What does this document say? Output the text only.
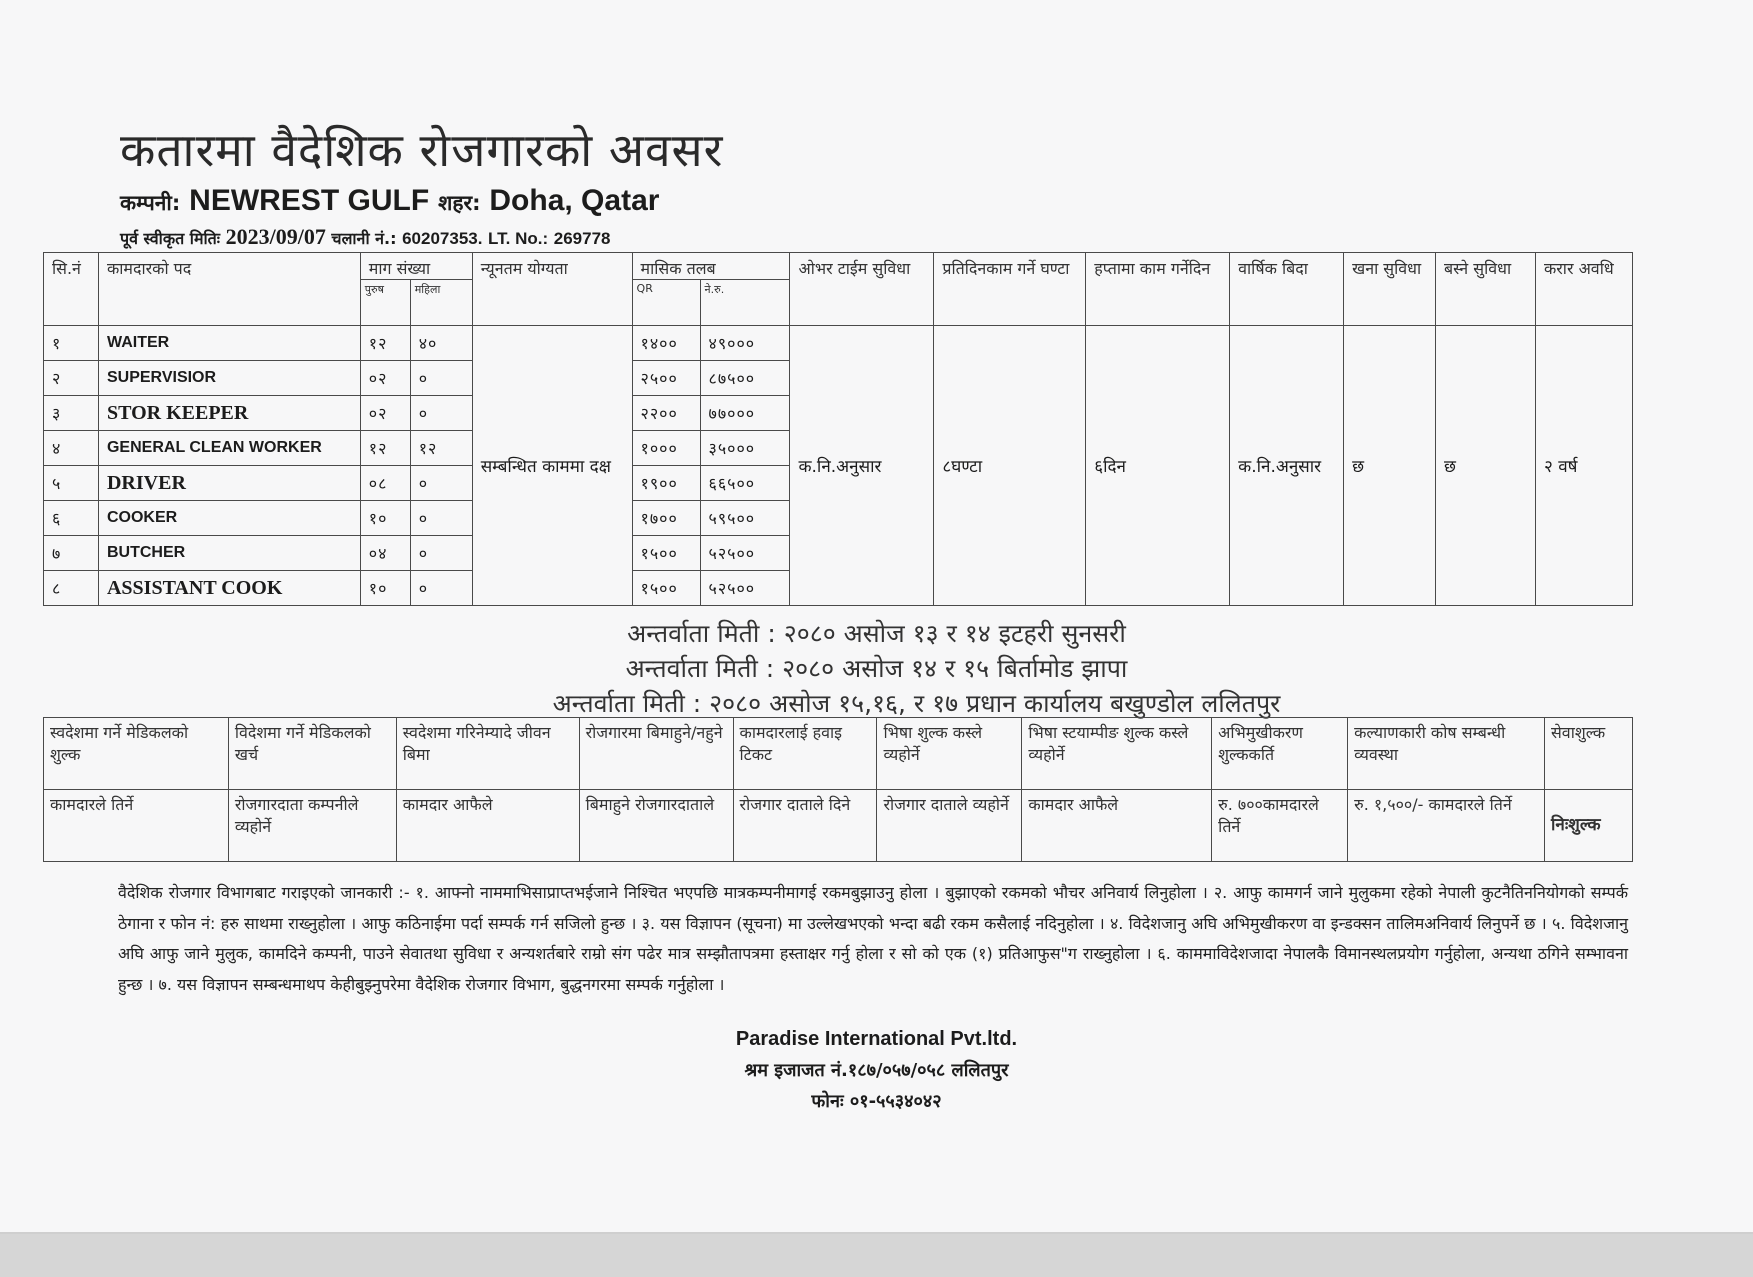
कतारमा वैदेशिक रोजगारको अवसर
कम्पनी: NEWREST GULF शहर: Doha, Qatar
पूर्व स्वीकृत मितिः 2023/09/07 चलानी नं.: 60207353. LT. No.: 269778
सि.नं	कामदारको पद	माग संख्या		न्यूनतम योग्यता	मासिक तलब		ओभर टाईम सुविधा	प्रतिदिनकाम गर्ने घण्टा	हप्तामा काम गर्नेदिन	वार्षिक बिदा	खना सुविधा	बस्ने सुविधा	करार अवधि
		पुरुष	महिला		QR	ने.रु.							
१	WAITER	१२	४०	सम्बन्धित काममा दक्ष	१४००	४९०००	क.नि.अनुसार	८घण्टा	६दिन	क.नि.अनुसार	छ	छ	२ वर्ष
२	SUPERVISIOR	०२	०		२५००	८७५००							
३	STOR KEEPER	०२	०		२२००	७७०००							
४	GENERAL CLEAN WORKER	१२	१२		१०००	३५०००							
५	DRIVER	०८	०		१९००	६६५००							
६	COOKER	१०	०		१७००	५९५००							
७	BUTCHER	०४	०		१५००	५२५००							
८	ASSISTANT COOK	१०	०		१५००	५२५००							
अन्तर्वाता मिती : २०८० असोज १३ र १४ इटहरी सुनसरी
अन्तर्वाता मिती : २०८० असोज १४ र १५ बिर्तामोड झापा
अन्तर्वाता मिती : २०८० असोज १५,१६, र १७ प्रधान कार्यालय बखुण्डोल ललितपुर
स्वदेशमा गर्ने मेडिकलको शुल्क	विदेशमा गर्ने मेडिकलको खर्च	स्वदेशमा गरिनेम्यादे जीवन बिमा	रोजगारमा बिमाहुने/नहुने	कामदारलाई हवाइ टिकट	भिषा शुल्क कस्ले व्यहोर्ने	भिषा स्टयाम्पीङ शुल्क कस्ले व्यहोर्ने	अभिमुखीकरण शुल्ककर्ति	कल्याणकारी कोष सम्बन्धी व्यवस्था	सेवाशुल्क
कामदारले तिर्ने	रोजगारदाता कम्पनीले व्यहोर्ने	कामदार आफैले	बिमाहुने रोजगारदाताले	रोजगार दाताले दिने	रोजगार दाताले व्यहोर्ने	कामदार आफैले	रु. ७००कामदारले तिर्ने	रु. १,५००/- कामदारले तिर्ने	निःशुल्क

वैदेशिक रोजगार विभागबाट गराइएको जानकारी :- १. आफ्नो नाममाभिसाप्राप्तभईजाने निश्चित भएपछि मात्रकम्पनीमागई रकमबुझाउनु होला । बुझाएको रकमको भौचर अनिवार्य लिनुहोला । २. आफु कामगर्न जाने मुलुकमा रहेको नेपाली कुटनैतिननियोगको सम्पर्क ठेगाना र फोन नं: हरु साथमा राख्नुहोला । आफु कठिनाईमा पर्दा सम्पर्क गर्न सजिलो हुन्छ । ३. यस विज्ञापन (सूचना) मा उल्लेखभएको भन्दा बढी रकम कसैलाई नदिनुहोला । ४. विदेशजानु अघि अभिमुखीकरण वा इन्डक्सन तालिमअनिवार्य लिनुपर्ने छ । ५. विदेशजानु अघि आफु जाने मुलुक, कामदिने कम्पनी, पाउने सेवातथा सुविधा र अन्यशर्तबारे राम्रो संग पढेर मात्र सम्झौतापत्रमा हस्ताक्षर गर्नु होला र सो को एक (१) प्रतिआफुस"ग राख्नुहोला । ६. काममाविदेशजादा नेपालकै विमानस्थलप्रयोग गर्नुहोला, अन्यथा ठगिने सम्भावना हुन्छ । ७. यस विज्ञापन सम्बन्धमाथप केहीबुझ्नुपरेमा वैदेशिक रोजगार विभाग, बुद्धनगरमा सम्पर्क गर्नुहोला ।

Paradise International Pvt.ltd.
श्रम इजाजत नं.१८७/०५७/०५८ ललितपुर
फोनः ०१-५५३४०४२
